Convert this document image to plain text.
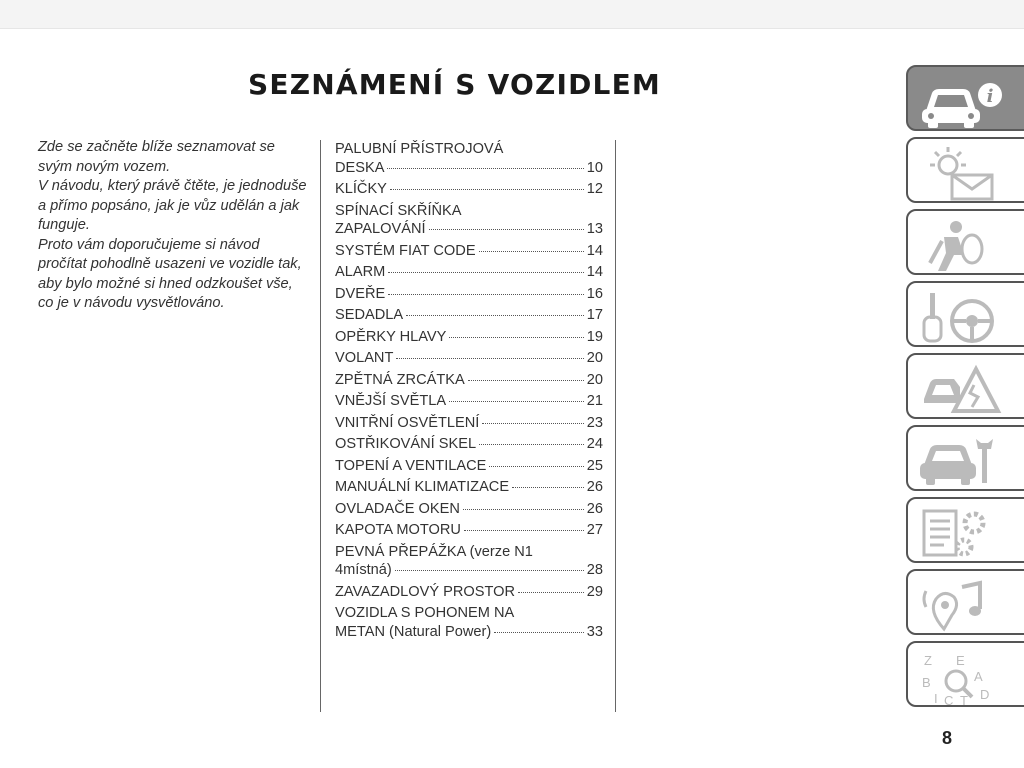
SEZNÁMENÍ S VOZIDLEM

Zde se začněte blíže seznamovat se svým novým vozem.

V návodu, který právě čtěte, je jednoduše a přímo popsáno, jak je vůz udělán a jak funguje.

Proto vám doporučujeme si návod pročítat pohodlně usazeni ve vozidle tak, aby bylo možné si hned odzkoušet vše, co je v návodu vysvětlováno.

PALUBNÍ PŘÍSTROJOVÁ
DESKA	10
KLÍČKY	12
SPÍNACÍ SKŘÍŇKA
ZAPALOVÁNÍ	13
SYSTÉM FIAT CODE	14
ALARM	14
DVEŘE	16
SEDADLA	17
OPĚRKY HLAVY	19
VOLANT	20
ZPĚTNÁ ZRCÁTKA	20
VNĚJŠÍ SVĚTLA	21
VNITŘNÍ OSVĚTLENÍ	23
OSTŘIKOVÁNÍ SKEL	24
TOPENÍ A VENTILACE	25
MANUÁLNÍ KLIMATIZACE	26
OVLADAČE OKEN	26
KAPOTA MOTORU	27
PEVNÁ PŘEPÁŽKA (verze N1
4místná)	28
ZAVAZADLOVÝ PROSTOR	29
VOZIDLA S POHONEM NA
METAN (Natural Power)	33
i
Z E
B	A
I C T D
8
